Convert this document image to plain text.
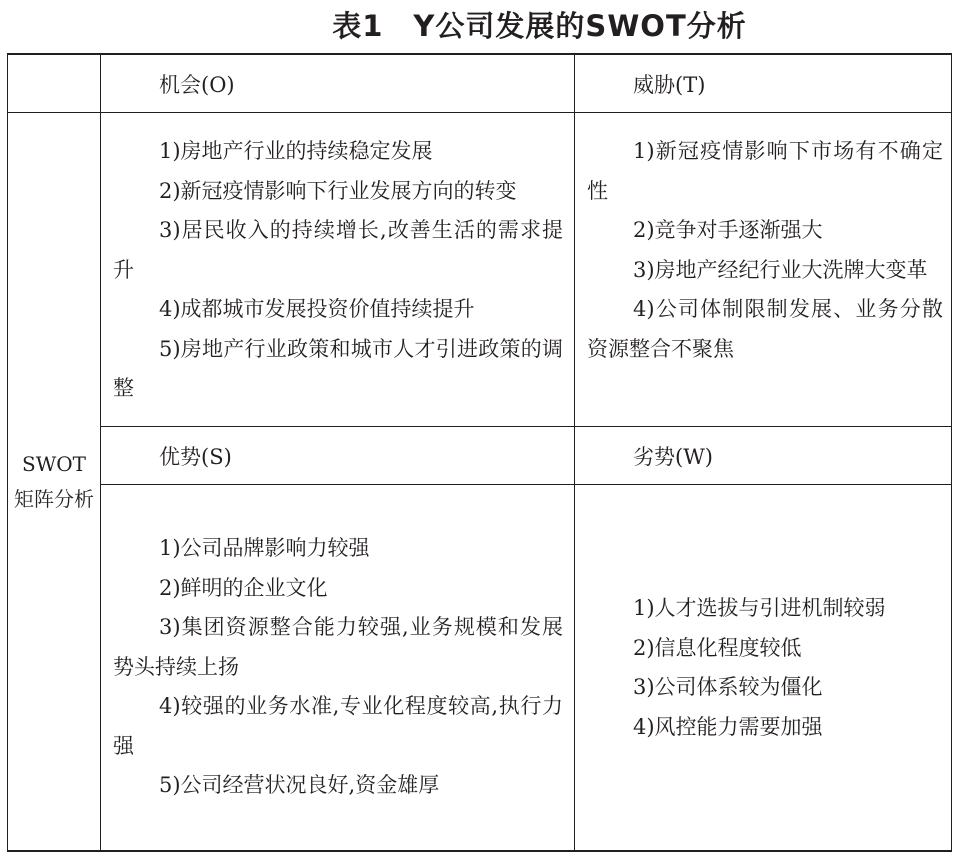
表1　Y公司发展的SWOT分析
SWOT矩阵分析
机会(O)	威胁(T)
优势(S)	劣势(W)

1)房地产行业的持续稳定发展

2)新冠疫情影响下行业发展方向的转变

3)居民收入的持续增长,改善生活的需求提升

4)成都城市发展投资价值持续提升

5)房地产行业政策和城市人才引进政策的调整

1)新冠疫情影响下市场有不确定性

2)竞争对手逐渐强大

3)房地产经纪行业大洗牌大变革

4)公司体制限制发展、业务分散资源整合不聚焦

1)公司品牌影响力较强

2)鲜明的企业文化

3)集团资源整合能力较强,业务规模和发展势头持续上扬

4)较强的业务水准,专业化程度较高,执行力强

5)公司经营状况良好,资金雄厚

1)人才选拔与引进机制较弱

2)信息化程度较低

3)公司体系较为僵化

4)风控能力需要加强
